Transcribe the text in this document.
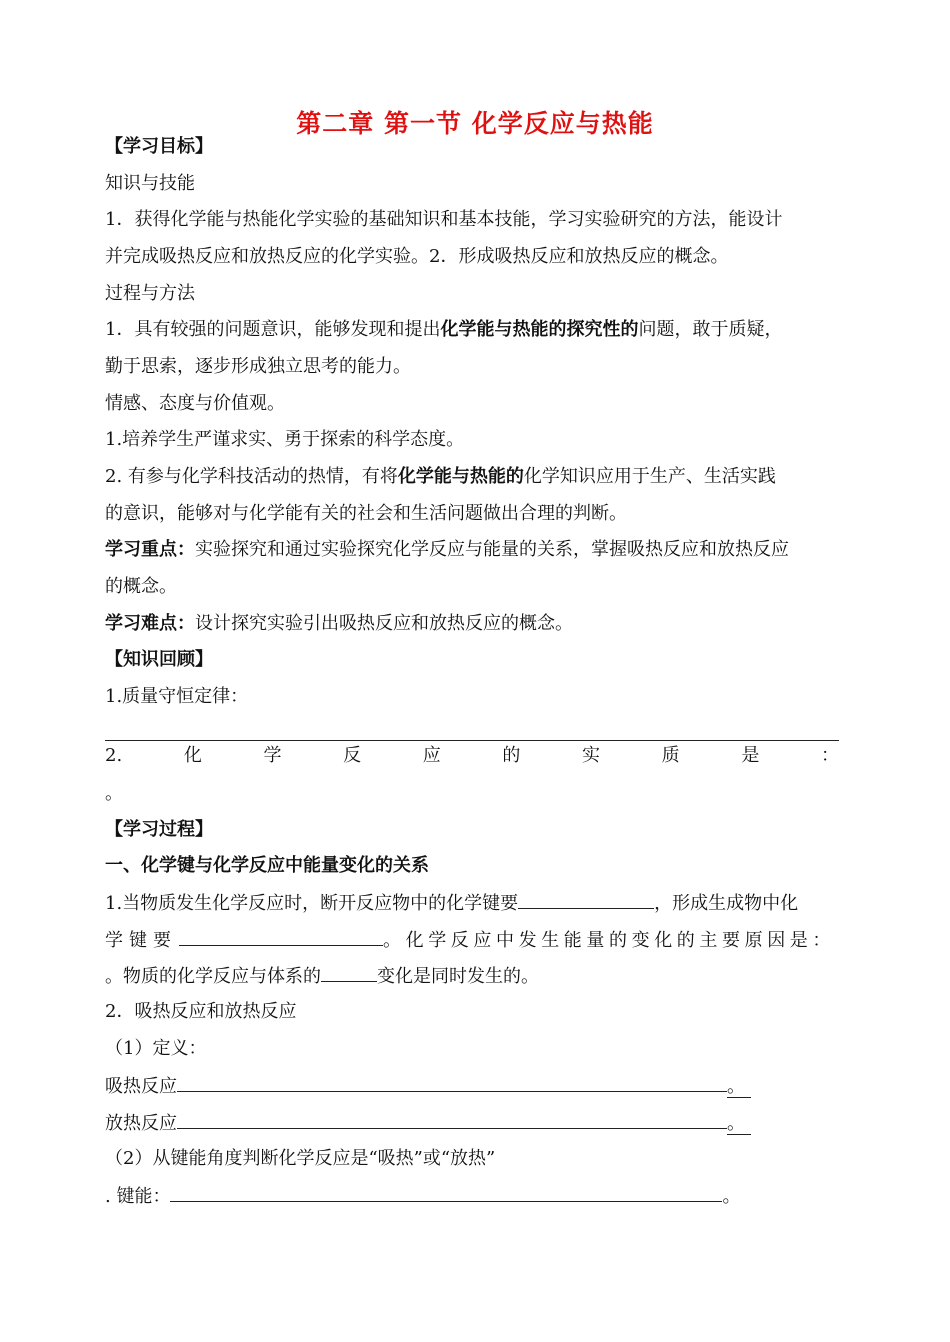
第二章 第一节 化学反应与热能
【学习目标】
知识与技能
1．获得化学能与热能化学实验的基础知识和基本技能，学习实验研究的方法，能设计
并完成吸热反应和放热反应的化学实验。2．形成吸热反应和放热反应的概念。
过程与方法
1．具有较强的问题意识，能够发现和提出化学能与热能的探究性的问题，敢于质疑，
勤于思索，逐步形成独立思考的能力。
情感、态度与价值观。
1.培养学生严谨求实、勇于探索的科学态度。
2. 有参与化学科技活动的热情，有将化学能与热能的化学知识应用于生产、生活实践
的意识，能够对与化学能有关的社会和生活问题做出合理的判断。
学习重点：实验探究和通过实验探究化学反应与能量的关系，掌握吸热反应和放热反应
的概念。
学习难点：设计探究实验引出吸热反应和放热反应的概念。
【知识回顾】
1.质量守恒定律：
2.	化	学	反	应	的	实	质	是	：
。
【学习过程】
一、化学键与化学反应中能量变化的关系
1.当物质发生化学反应时，断开反应物中的化学键要	，形成生成物中化
学 键 要	。化学反应中发生能量的变化的主要原因是：
。物质的化学反应与体系的	变化是同时发生的。
2．吸热反应和放热反应
（1）定义：
吸热反应	。
放热反应	。
（2）从键能角度判断化学反应是“吸热”或“放热”
. 键能：	。
